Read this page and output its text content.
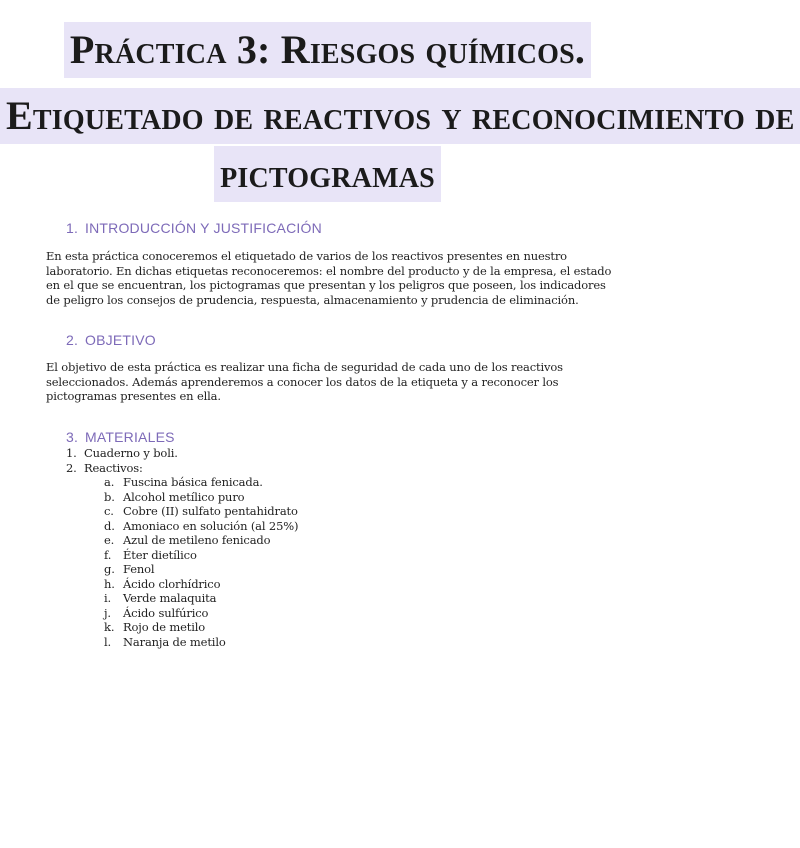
Práctica 3: Riesgos químicos.
Etiquetado de reactivos y reconocimiento de
pictogramas
1. INTRODUCCIÓN Y JUSTIFICACIÓN
En esta práctica conoceremos el etiquetado de varios de los reactivos presentes en nuestro laboratorio. En dichas etiquetas reconoceremos: el nombre del producto y de la empresa, el estado en el que se encuentran, los pictogramas que presentan y los peligros que poseen, los indicadores de peligro los consejos de prudencia, respuesta, almacenamiento y prudencia de eliminación.
2. OBJETIVO
El objetivo de esta práctica es realizar una ficha de seguridad de cada uno de los reactivos seleccionados. Además aprenderemos a conocer los datos de la etiqueta y a reconocer los pictogramas presentes en ella.
3. MATERIALES
1. Cuaderno y boli.
2. Reactivos:
a. Fuscina básica fenicada.
b. Alcohol metílico puro
c. Cobre (II) sulfato pentahidrato
d. Amoniaco en solución (al 25%)
e. Azul de metileno fenicado
f. Éter dietílico
g. Fenol
h. Ácido clorhídrico
i. Verde malaquita
j. Ácido sulfúrico
k. Rojo de metilo
l. Naranja de metilo
